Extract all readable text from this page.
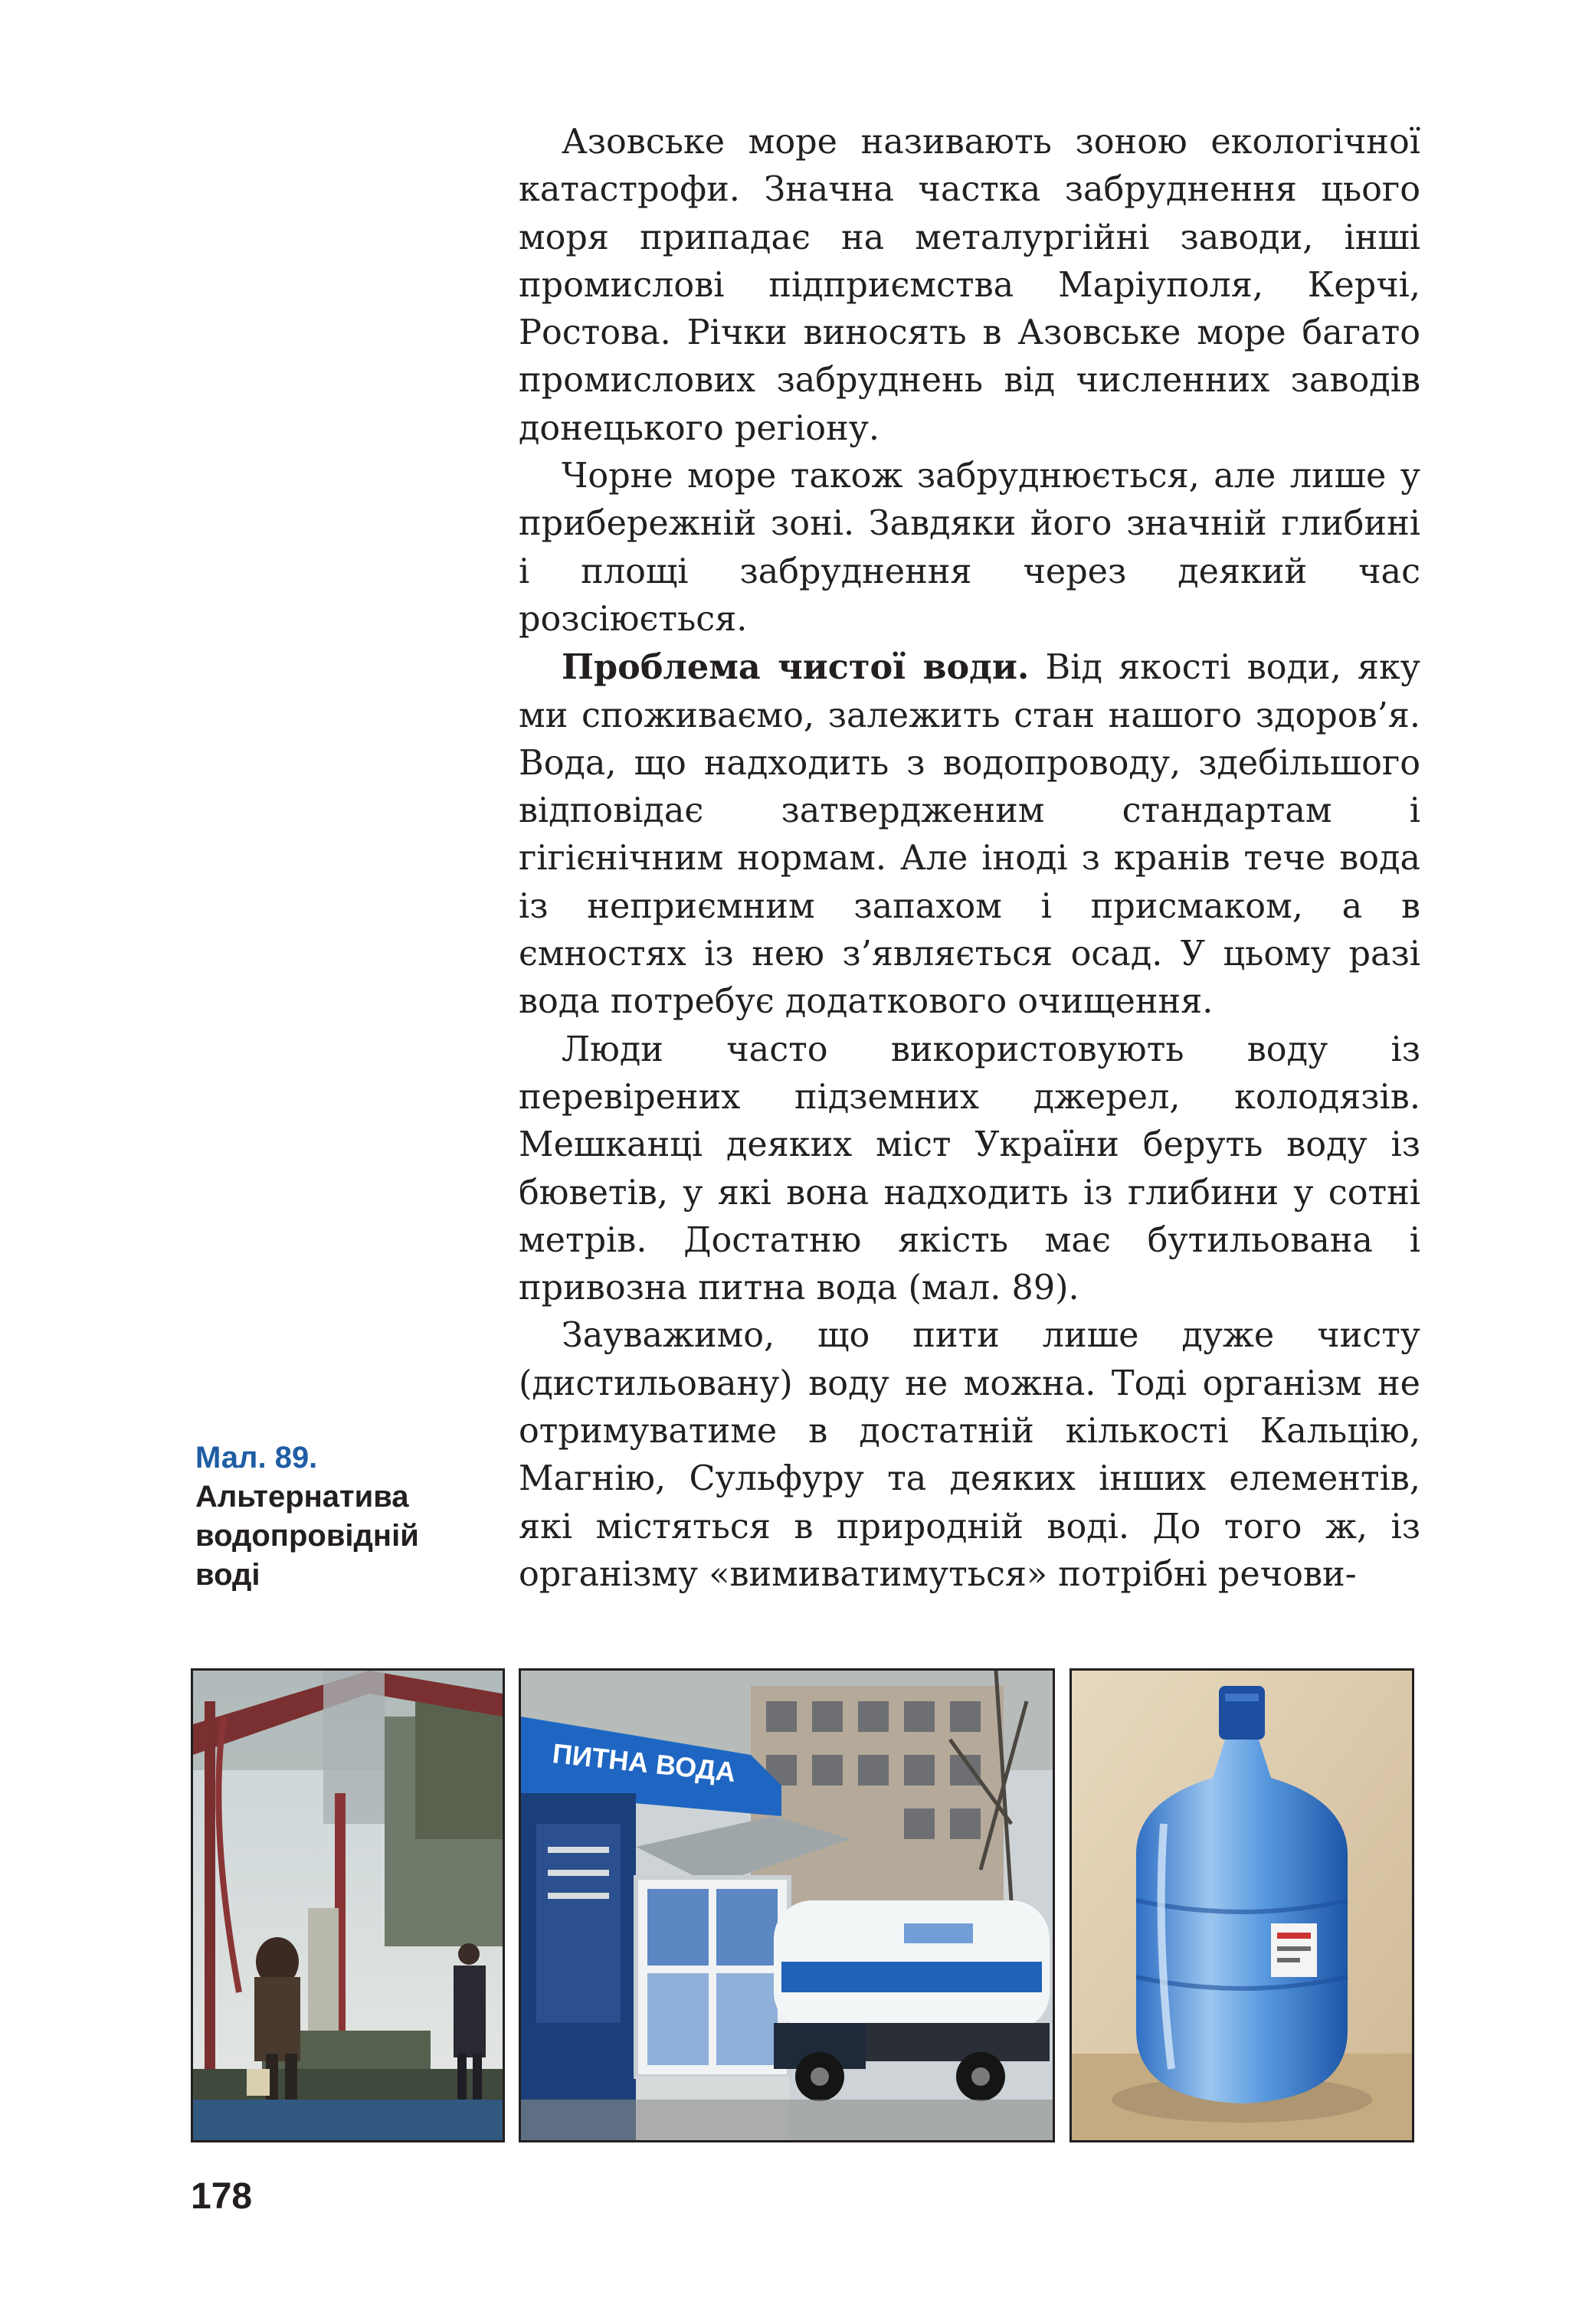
Азовське море називають зоною екологічної катастрофи. Значна частка забруднення цього моря припадає на металургійні заводи, інші промислові підприємства Маріуполя, Керчі, Ростова. Річки виносять в Азовське море багато промислових забруднень від численних заводів донецького регіону.

Чорне море також забруднюється, але лише у прибережній зоні. Завдяки його значній глибині і площі забруднення через деякий час розсіюється.

Проблема чистої води. Від якості води, яку ми споживаємо, залежить стан нашого здоров’я. Вода, що надходить з водопроводу, здебільшого відповідає затвердженим стандартам і гігієнічним нормам. Але іноді з кранів тече вода із неприємним запахом і присмаком, а в ємностях із нею з’являється осад. У цьому разі вода потребує додаткового очищення.

Люди часто використовують воду із перевірених підземних джерел, колодязів. Мешканці деяких міст України беруть воду із бюветів, у які вона надходить із глибини у сотні метрів. Достатню якість має бутильована і привозна питна вода (мал. 89).

Зауважимо, що пити лише дуже чисту (дистильовану) воду не можна. Тоді організм не отримуватиме в достатній кількості Кальцію, Магнію, Сульфуру та деяких інших елементів, які містяться в природній воді. До того ж, із організму «вимиватимуться» потрібні речови-

Мал. 89.
Альтернатива водопровідній воді
ПИТНА ВОДА
178
